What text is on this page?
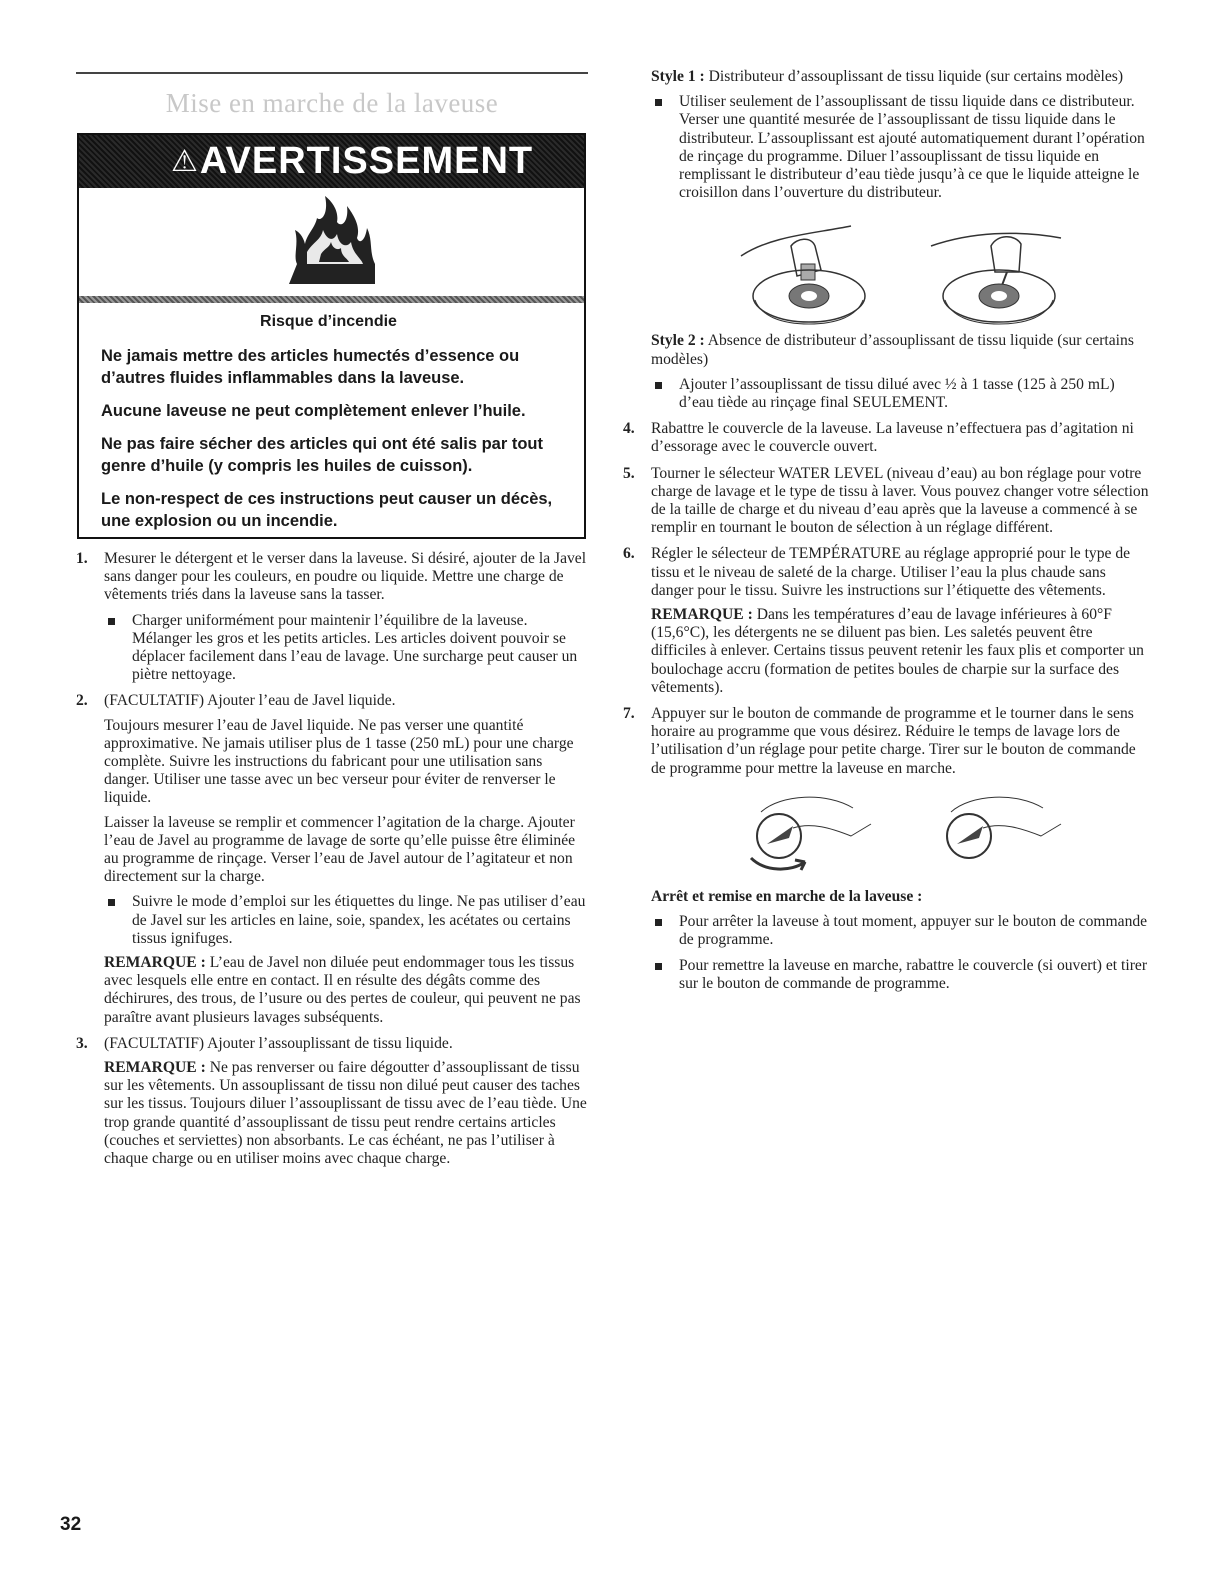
Mise en marche de la laveuse
⚠ AVERTISSEMENT
Risque d’incendie

Ne jamais mettre des articles humectés d’essence ou d’autres fluides inflammables dans la laveuse.

Aucune laveuse ne peut complètement enlever l’huile.

Ne pas faire sécher des articles qui ont été salis par tout genre d’huile (y compris les huiles de cuisson).

Le non-respect de ces instructions peut causer un décès, une explosion ou un incendie.

1. Mesurer le détergent et le verser dans la laveuse. Si désiré, ajouter de la Javel sans danger pour les couleurs, en poudre ou liquide. Mettre une charge de vêtements triés dans la laveuse sans la tasser.
Charger uniformément pour maintenir l’équilibre de la laveuse. Mélanger les gros et les petits articles. Les articles doivent pouvoir se déplacer facilement dans l’eau de lavage. Une surcharge peut causer un piètre nettoyage.
2. (FACULTATIF) Ajouter l’eau de Javel liquide.
Toujours mesurer l’eau de Javel liquide. Ne pas verser une quantité approximative. Ne jamais utiliser plus de 1 tasse (250 mL) pour une charge complète. Suivre les instructions du fabricant pour une utilisation sans danger. Utiliser une tasse avec un bec verseur pour éviter de renverser le liquide.
Laisser la laveuse se remplir et commencer l’agitation de la charge. Ajouter l’eau de Javel au programme de lavage de sorte qu’elle puisse être éliminée au programme de rinçage. Verser l’eau de Javel autour de l’agitateur et non directement sur la charge.
Suivre le mode d’emploi sur les étiquettes du linge. Ne pas utiliser d’eau de Javel sur les articles en laine, soie, spandex, les acétates ou certains tissus ignifuges.
REMARQUE : L’eau de Javel non diluée peut endommager tous les tissus avec lesquels elle entre en contact. Il en résulte des dégâts comme des déchirures, des trous, de l’usure ou des pertes de couleur, qui peuvent ne pas paraître avant plusieurs lavages subséquents.
3. (FACULTATIF) Ajouter l’assouplissant de tissu liquide.
REMARQUE : Ne pas renverser ou faire dégoutter d’assouplissant de tissu sur les vêtements. Un assouplissant de tissu non dilué peut causer des taches sur les tissus. Toujours diluer l’assouplissant de tissu avec de l’eau tiède. Une trop grande quantité d’assouplissant de tissu peut rendre certains articles (couches et serviettes) non absorbants. Le cas échéant, ne pas l’utiliser à chaque charge ou en utiliser moins avec chaque charge.
Style 1 : Distributeur d’assouplissant de tissu liquide (sur certains modèles)
Utiliser seulement de l’assouplissant de tissu liquide dans ce distributeur. Verser une quantité mesurée de l’assouplissant de tissu liquide dans le distributeur. L’assouplissant est ajouté automatiquement durant l’opération de rinçage du programme. Diluer l’assouplissant de tissu liquide en remplissant le distributeur d’eau tiède jusqu’à ce que le liquide atteigne le croisillon dans l’ouverture du distributeur.
Style 2 : Absence de distributeur d’assouplissant de tissu liquide (sur certains modèles)
Ajouter l’assouplissant de tissu dilué avec ½ à 1 tasse (125 à 250 mL) d’eau tiède au rinçage final SEULEMENT.
4. Rabattre le couvercle de la laveuse. La laveuse n’effectuera pas d’agitation ni d’essorage avec le couvercle ouvert.
5. Tourner le sélecteur WATER LEVEL (niveau d’eau) au bon réglage pour votre charge de lavage et le type de tissu à laver. Vous pouvez changer votre sélection de la taille de charge et du niveau d’eau après que la laveuse a commencé à se remplir en tournant le bouton de sélection à un réglage différent.
6. Régler le sélecteur de TEMPÉRATURE au réglage approprié pour le type de tissu et le niveau de saleté de la charge. Utiliser l’eau la plus chaude sans danger pour le tissu. Suivre les instructions sur l’étiquette des vêtements.
REMARQUE : Dans les températures d’eau de lavage inférieures à 60°F (15,6°C), les détergents ne se diluent pas bien. Les saletés peuvent être difficiles à enlever. Certains tissus peuvent retenir les faux plis et comporter un boulochage accru (formation de petites boules de charpie sur la surface des vêtements).
7. Appuyer sur le bouton de commande de programme et le tourner dans le sens horaire au programme que vous désirez. Réduire le temps de lavage lors de l’utilisation d’un réglage pour petite charge. Tirer sur le bouton de commande de programme pour mettre la laveuse en marche.
Arrêt et remise en marche de la laveuse :
Pour arrêter la laveuse à tout moment, appuyer sur le bouton de commande de programme.
Pour remettre la laveuse en marche, rabattre le couvercle (si ouvert) et tirer sur le bouton de commande de programme.
32
